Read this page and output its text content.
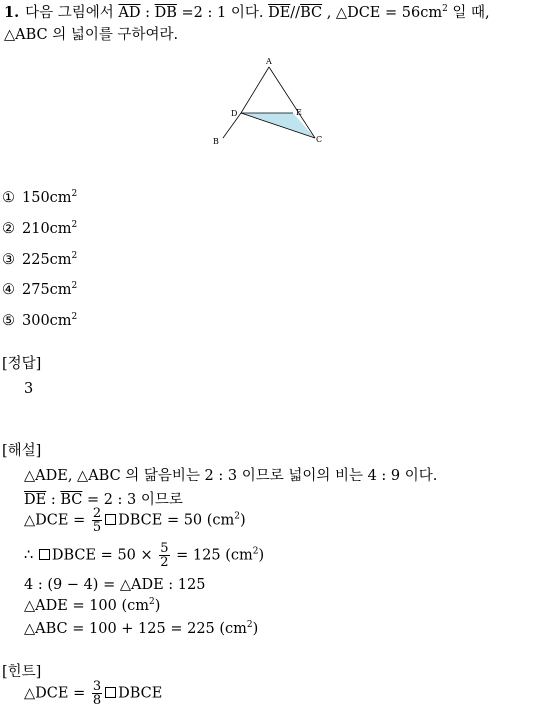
1. 다음 그림에서 $\overline{AD}$ : $\overline{DB} =2$ : 1 이다. $\overline{DE}//\overline{BC}$ , △DCE = $56cm^2$ 일 때,
△ABC 의 넓이를 구하여라.
A
D	E
B	C
① $150cm^2$
② $210cm^2$
③ $225cm^2$
④ $275cm^2$
⑤ $300cm^2$
[정답]
3
[해설]
△ADE, △ABC 의 닮음비는 2 : 3 이므로 넓이의 비는 4 : 9 이다.
$\overline{DE}$ : $\overline{BC} = 2$ : 3 이므로
△DCE = $\frac{2}{5}$ DBCE = 50 $(cm^2)$
∴ DBCE = $50 \times \frac{5}{2} = 125$ $(cm^2)$
4 : (9 − 4) = △ADE : 125
△ADE = 100 $(cm^2)$
△ABC = 100 + 125 = 225 $(cm^2)$
[힌트]
△DCE = $\frac{3}{8}$ DBCE
